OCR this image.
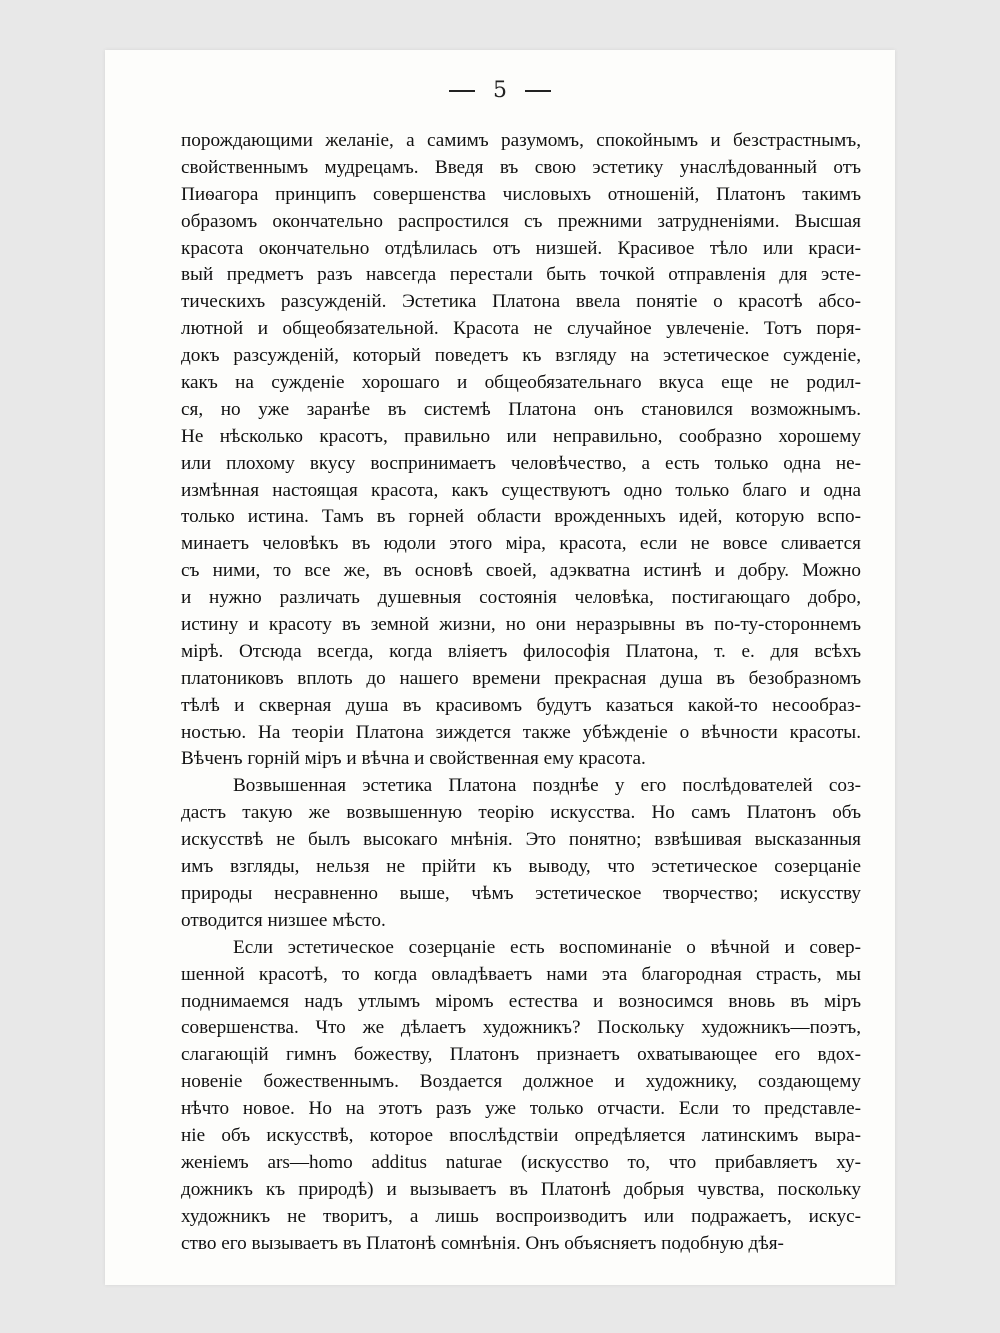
5
порождающими желаніе, а самимъ разумомъ, спокойнымъ и безстрастнымъ,
свойственнымъ мудрецамъ. Введя въ свою эстетику унаслѣдованный отъ
Пиѳагора принципъ совершенства числовыхъ отношеній, Платонъ такимъ
образомъ окончательно распростился съ прежними затрудненіями. Высшая
красота окончательно отдѣлилась отъ низшей. Красивое тѣло или краси-
вый предметъ разъ навсегда перестали быть точкой отправленія для эсте-
тическихъ разсужденій. Эстетика Платона ввела понятіе о красотѣ абсо-
лютной и общеобязательной. Красота не случайное увлеченіе. Тотъ поря-
докъ разсужденій, который поведетъ къ взгляду на эстетическое сужденіе,
какъ на сужденіе хорошаго и общеобязательнаго вкуса еще не родил-
ся, но уже заранѣе въ системѣ Платона онъ становился возможнымъ.
Не нѣсколько красотъ, правильно или неправильно, сообразно хорошему
или плохому вкусу воспринимаетъ человѣчество, а есть только одна не-
измѣнная настоящая красота, какъ существуютъ одно только благо и одна
только истина. Тамъ въ горней области врожденныхъ идей, которую вспо-
минаетъ человѣкъ въ юдоли этого міра, красота, если не вовсе сливается
съ ними, то все же, въ основѣ своей, адэкватна истинѣ и добру. Можно
и нужно различать душевныя состоянія человѣка, постигающаго добро,
истину и красоту въ земной жизни, но они неразрывны въ по-ту-стороннемъ
мірѣ. Отсюда всегда, когда вліяетъ философія Платона, т. е. для всѣхъ
платониковъ вплоть до нашего времени прекрасная душа въ безобразномъ
тѣлѣ и скверная душа въ красивомъ будутъ казаться какой-то несообраз-
ностью. На теоріи Платона зиждется также убѣжденіе о вѣчности красоты.
Вѣченъ горній міръ и вѣчна и свойственная ему красота.
Возвышенная эстетика Платона позднѣе у его послѣдователей соз-
дастъ такую же возвышенную теорію искусства. Но самъ Платонъ объ
искусствѣ не былъ высокаго мнѣнія. Это понятно; взвѣшивая высказанныя
имъ взгляды, нельзя не прійти къ выводу, что эстетическое созерцаніе
природы несравненно выше, чѣмъ эстетическое творчество; искусству
отводится низшее мѣсто.
Если эстетическое созерцаніе есть воспоминаніе о вѣчной и совер-
шенной красотѣ, то когда овладѣваетъ нами эта благородная страсть, мы
поднимаемся надъ утлымъ міромъ естества и возносимся вновь въ міръ
совершенства. Что же дѣлаетъ художникъ? Поскольку художникъ—поэтъ,
слагающій гимнъ божеству, Платонъ признаетъ охватывающее его вдох-
новеніе божественнымъ. Воздается должное и художнику, создающему
нѣчто новое. Но на этотъ разъ уже только отчасти. Если то представле-
ніе объ искусствѣ, которое впослѣдствіи опредѣляется латинскимъ выра-
женіемъ ars—homo additus naturae (искусство то, что прибавляетъ ху-
дожникъ къ природѣ) и вызываетъ въ Платонѣ добрыя чувства, поскольку
художникъ не творитъ, а лишь воспроизводитъ или подражаетъ, искус-
ство его вызываетъ въ Платонѣ сомнѣнія. Онъ объясняетъ подобную дѣя-
